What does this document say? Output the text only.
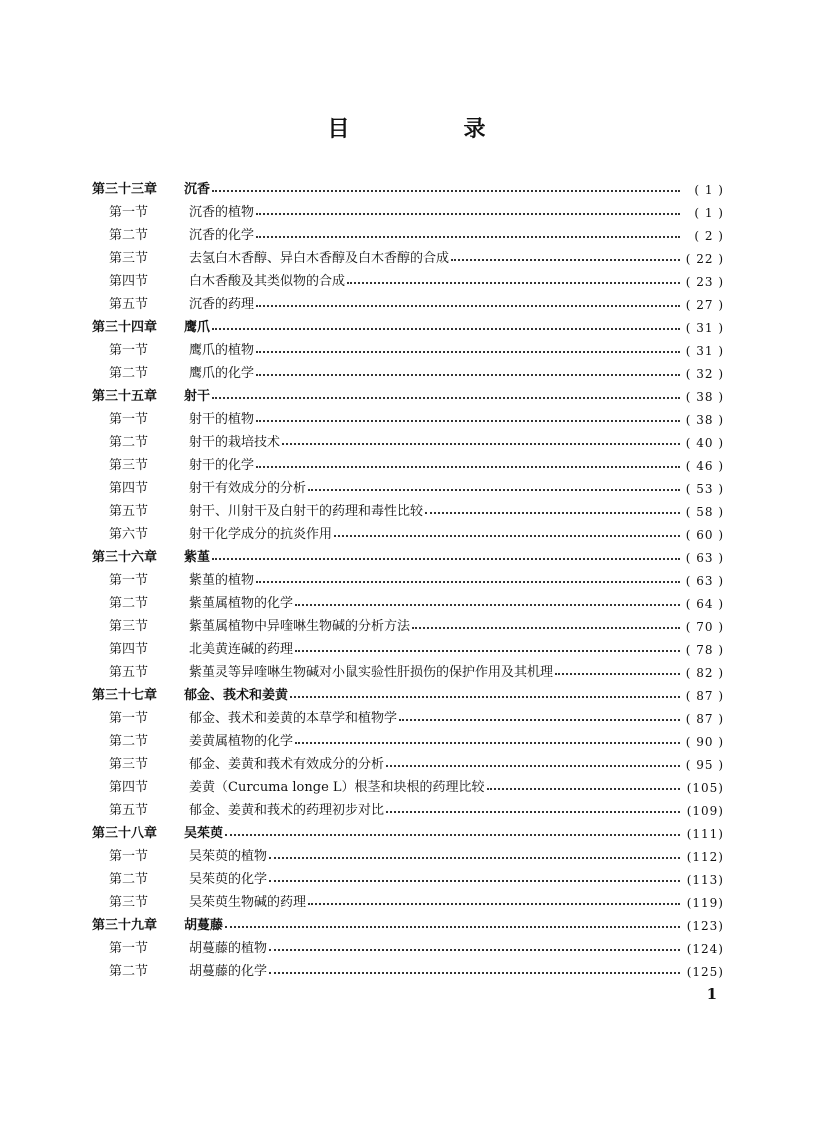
目　录
第三十三章	沉香	( 1 )
第一节	沉香的植物	( 1 )
第二节	沉香的化学	( 2 )
第三节	去氢白木香醇、异白木香醇及白木香醇的合成	( 22 )
第四节	白木香酸及其类似物的合成	( 23 )
第五节	沉香的药理	( 27 )
第三十四章	鹰爪	( 31 )
第一节	鹰爪的植物	( 31 )
第二节	鹰爪的化学	( 32 )
第三十五章	射干	( 38 )
第一节	射干的植物	( 38 )
第二节	射干的栽培技术	( 40 )
第三节	射干的化学	( 46 )
第四节	射干有效成分的分析	( 53 )
第五节	射干、川射干及白射干的药理和毒性比较	( 58 )
第六节	射干化学成分的抗炎作用	( 60 )
第三十六章	紫堇	( 63 )
第一节	紫堇的植物	( 63 )
第二节	紫堇属植物的化学	( 64 )
第三节	紫堇属植物中异喹啉生物碱的分析方法	( 70 )
第四节	北美黄连碱的药理	( 78 )
第五节	紫堇灵等异喹啉生物碱对小鼠实验性肝损伤的保护作用及其机理	( 82 )
第三十七章	郁金、莪术和姜黄	( 87 )
第一节	郁金、莪术和姜黄的本草学和植物学	( 87 )
第二节	姜黄属植物的化学	( 90 )
第三节	郁金、姜黄和莪术有效成分的分析	( 95 )
第四节	姜黄（Curcuma longe L）根茎和块根的药理比较	(105)
第五节	郁金、姜黄和莪术的药理初步对比	(109)
第三十八章	吴茱萸	(111)
第一节	吴茱萸的植物	(112)
第二节	吴茱萸的化学	(113)
第三节	吴茱萸生物碱的药理	(119)
第三十九章	胡蔓藤	(123)
第一节	胡蔓藤的植物	(124)
第二节	胡蔓藤的化学	(125)
1
